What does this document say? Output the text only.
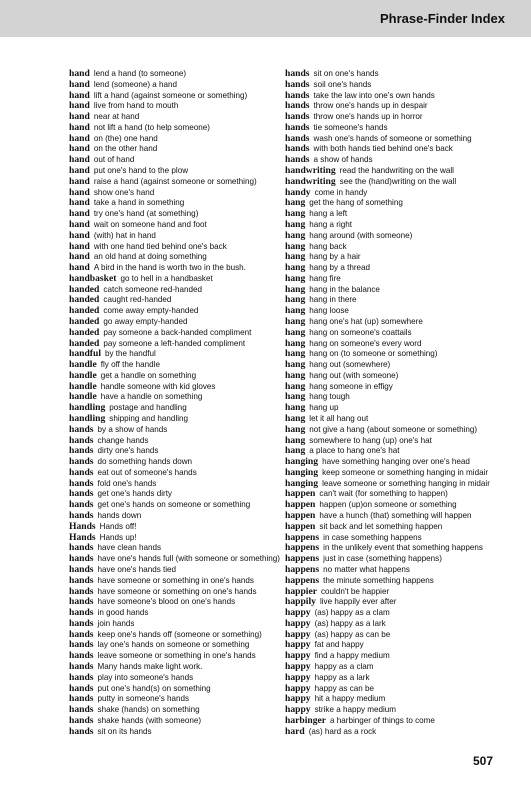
Phrase-Finder Index
hand lend a hand (to someone)
hand lend (someone) a hand
hand lift a hand (against someone or something)
hand live from hand to mouth
hand near at hand
hand not lift a hand (to help someone)
hand on (the) one hand
hand on the other hand
hand out of hand
hand put one's hand to the plow
hand raise a hand (against someone or something)
hand show one's hand
hand take a hand in something
hand try one's hand (at something)
hand wait on someone hand and foot
hand (with) hat in hand
hand with one hand tied behind one's back
hand an old hand at doing something
hand A bird in the hand is worth two in the bush.
handbasket go to hell in a handbasket
handed catch someone red-handed
handed caught red-handed
handed come away empty-handed
handed go away empty-handed
handed pay someone a back-handed compliment
handed pay someone a left-handed compliment
handful by the handful
handle fly off the handle
handle get a handle on something
handle handle someone with kid gloves
handle have a handle on something
handling postage and handling
handling shipping and handling
hands by a show of hands
hands change hands
hands dirty one's hands
hands do something hands down
hands eat out of someone's hands
hands fold one's hands
hands get one's hands dirty
hands get one's hands on someone or something
hands hands down
Hands Hands off!
Hands Hands up!
hands have clean hands
hands have one's hands full (with someone or something)
hands have one's hands tied
hands have someone or something in one's hands
hands have someone or something on one's hands
hands have someone's blood on one's hands
hands in good hands
hands join hands
hands keep one's hands off (someone or something)
hands lay one's hands on someone or something
hands leave someone or something in one's hands
hands Many hands make light work.
hands play into someone's hands
hands put one's hand(s) on something
hands putty in someone's hands
hands shake (hands) on something
hands shake hands (with someone)
hands sit on its hands
hands sit on one's hands
hands soil one's hands
hands take the law into one's own hands
hands throw one's hands up in despair
hands throw one's hands up in horror
hands tie someone's hands
hands wash one's hands of someone or something
hands with both hands tied behind one's back
hands a show of hands
handwriting read the handwriting on the wall
handwriting see the (hand)writing on the wall
handy come in handy
hang get the hang of something
hang hang a left
hang hang a right
hang hang around (with someone)
hang hang back
hang hang by a hair
hang hang by a thread
hang hang fire
hang hang in the balance
hang hang in there
hang hang loose
hang hang one's hat (up) somewhere
hang hang on someone's coattails
hang hang on someone's every word
hang hang on (to someone or something)
hang hang out (somewhere)
hang hang out (with someone)
hang hang someone in effigy
hang hang tough
hang hang up
hang let it all hang out
hang not give a hang (about someone or something)
hang somewhere to hang (up) one's hat
hang a place to hang one's hat
hanging have something hanging over one's head
hanging keep someone or something hanging in midair
hanging leave someone or something hanging in midair
happen can't wait (for something to happen)
happen happen (up)on someone or something
happen have a hunch (that) something will happen
happen sit back and let something happen
happens in case something happens
happens in the unlikely event that something happens
happens just in case (something happens)
happens no matter what happens
happens the minute something happens
happier couldn't be happier
happily live happily ever after
happy (as) happy as a clam
happy (as) happy as a lark
happy (as) happy as can be
happy fat and happy
happy find a happy medium
happy happy as a clam
happy happy as a lark
happy happy as can be
happy hit a happy medium
happy strike a happy medium
harbinger a harbinger of things to come
hard (as) hard as a rock
507
